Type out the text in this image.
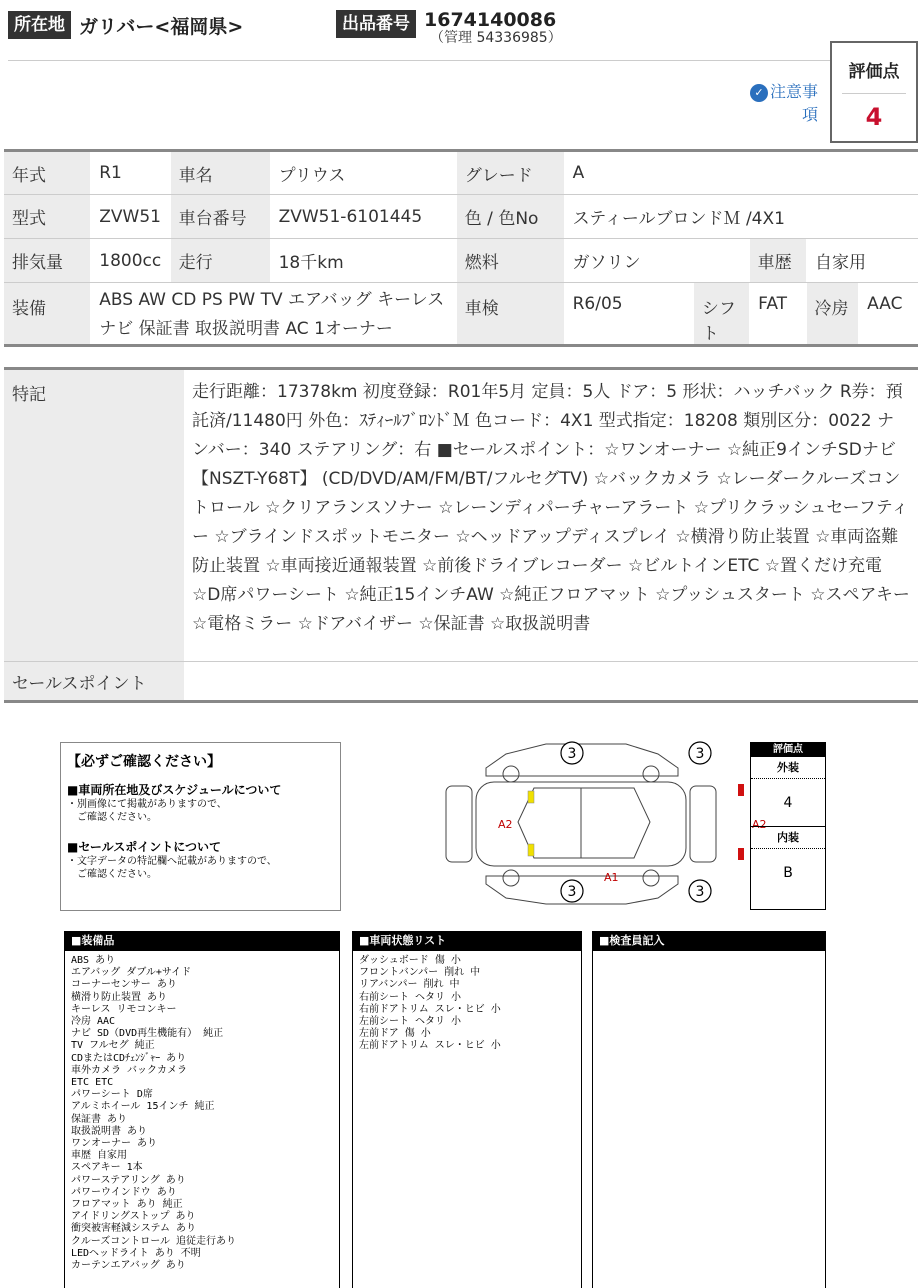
所在地 ガリバー<福岡県>	出品番号 1674140086
（管理 54336985）
✓ 注意事
項
評価点
4
年式	R1	車名	プリウス	グレード	A				
型式	ZVW51	車台番号	ZVW51-6101445	色 / 色No	スティールブロンドＭ /4X1				
排気量	1800cc	走行	18千km	燃料	ガソリン		車歴	自家用	
装備	ABS AW CD PS PW TV エアバッグ キーレス ナビ 保証書 取扱説明書 AC 1オーナー			車検	R6/05	シフト	FAT	冷房	AAC
特記	走行距離：17378km 初度登録：R01年5月 定員：5人 ドア：5 形状：ハッチバック R券：預託済/11480円 外色：ｽﾃｨｰﾙﾌﾞﾛﾝﾄﾞＭ 色コード：4X1 型式指定：18208 類別区分：0022 ナンバー：340 ステアリング：右 ■セールスポイント：☆ワンオーナー ☆純正9インチSDナビ【NSZT-Y68T】 (CD/DVD/AM/FM/BT/フルセグTV) ☆バックカメラ ☆レーダークルーズコントロール ☆クリアランスソナー ☆レーンディパーチャーアラート ☆プリクラッシュセーフティー ☆ブラインドスポットモニター ☆ヘッドアップディスプレイ ☆横滑り防止装置 ☆車両盗難防止装置 ☆車両接近通報装置 ☆前後ドライブレコーダー ☆ビルトインETC ☆置くだけ充電 ☆D席パワーシート ☆純正15インチAW ☆純正フロアマット ☆プッシュスタート ☆スペアキー ☆電格ミラー ☆ドアバイザー ☆保証書 ☆取扱説明書
セールスポイント	
【必ずご確認ください】
■車両所在地及びスケジュールについて
・別画像にて掲載がありますので、
　ご確認ください。
■セールスポイントについて
・文字データの特記欄へ記載がありますので、
　ご確認ください。
3	3
3	3
A2	A2
A1
評価点
外装
4
内装
B
■装備品
ABS あり
エアバッグ ダブル+サイド
コーナーセンサー あり
横滑り防止装置 あり
キーレス リモコンキー
冷房 AAC
ナビ SD（DVD再生機能有） 純正
TV フルセグ 純正
CDまたはCDﾁｪﾝｼﾞｬｰ あり
車外カメラ バックカメラ
ETC ETC
パワーシート D席
アルミホイール 15インチ 純正
保証書 あり
取扱説明書 あり
ワンオーナー あり
車歴 自家用
スペアキー 1本
パワーステアリング あり
パワーウインドウ あり
フロアマット あり 純正
アイドリングストップ あり
衝突被害軽減システム あり
クルーズコントロール 追従走行あり
LEDヘッドライト あり 不明
カーテンエアバッグ あり
■車両状態リスト
ダッシュボード 傷 小
フロントバンパー 削れ 中
リアバンパー 削れ 中
右前シート ヘタリ 小
右前ドアトリム スレ・ヒビ 小
左前シート ヘタリ 小
左前ドア 傷 小
左前ドアトリム スレ・ヒビ 小
■検査員記入
